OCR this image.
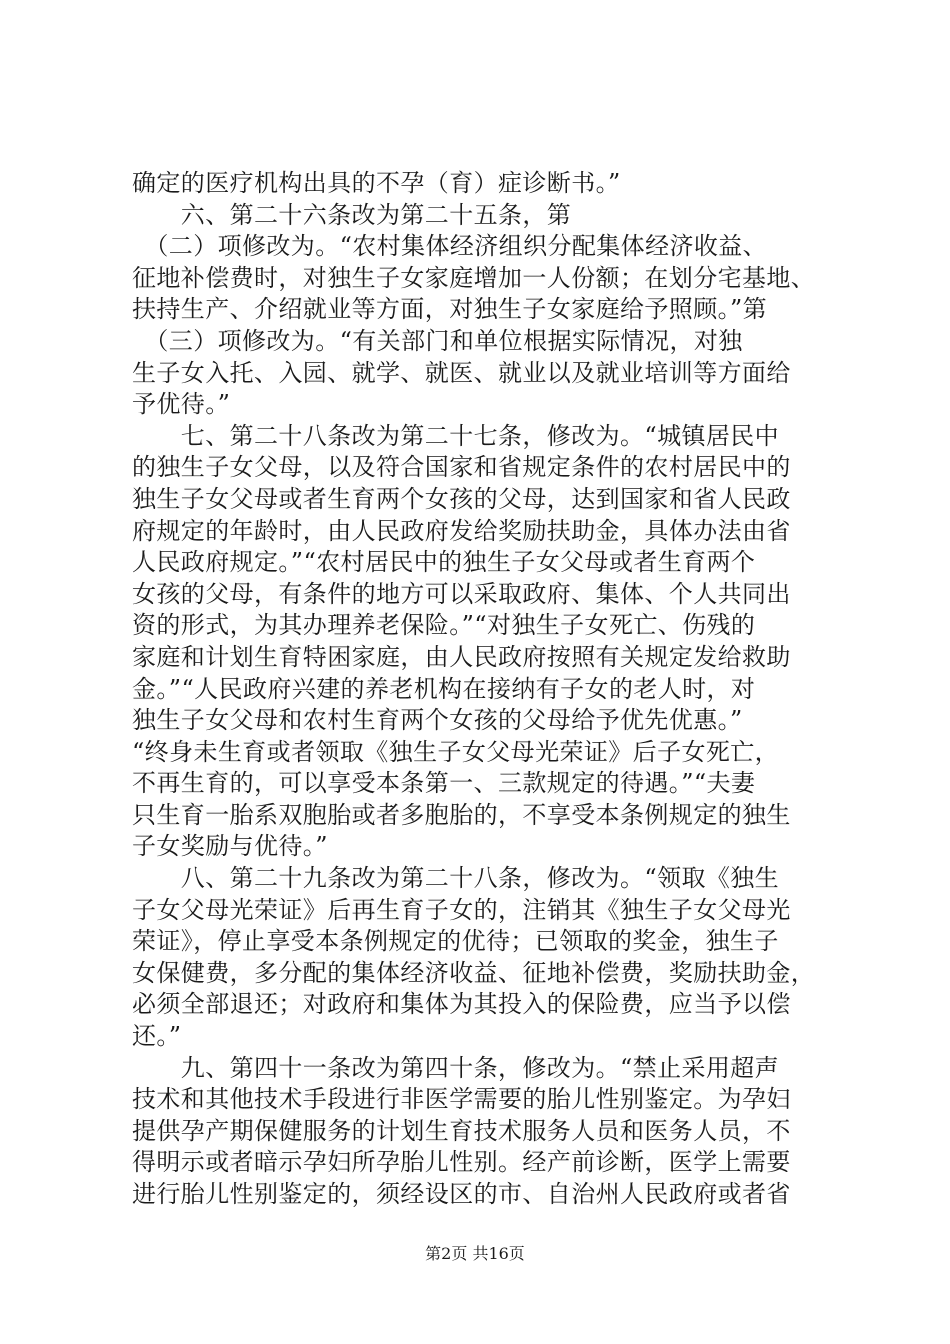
确定的医疗机构出具的不孕（育）症诊断书。”
　　六、第二十六条改为第二十五条，第
　（二）项修改为。“农村集体经济组织分配集体经济收益、
征地补偿费时，对独生子女家庭增加一人份额；在划分宅基地、
扶持生产、介绍就业等方面，对独生子女家庭给予照顾。”第
　（三）项修改为。“有关部门和单位根据实际情况，对独
生子女入托、入园、就学、就医、就业以及就业培训等方面给
予优待。”
　　七、第二十八条改为第二十七条，修改为。“城镇居民中
的独生子女父母，以及符合国家和省规定条件的农村居民中的
独生子女父母或者生育两个女孩的父母，达到国家和省人民政
府规定的年龄时，由人民政府发给奖励扶助金，具体办法由省
人民政府规定。”“农村居民中的独生子女父母或者生育两个
女孩的父母，有条件的地方可以采取政府、集体、个人共同出
资的形式，为其办理养老保险。”“对独生子女死亡、伤残的
家庭和计划生育特困家庭，由人民政府按照有关规定发给救助
金。”“人民政府兴建的养老机构在接纳有子女的老人时，对
独生子女父母和农村生育两个女孩的父母给予优先优惠。”
“终身未生育或者领取《独生子女父母光荣证》后子女死亡，
不再生育的，可以享受本条第一、三款规定的待遇。”“夫妻
只生育一胎系双胞胎或者多胞胎的，不享受本条例规定的独生
子女奖励与优待。”
　　八、第二十九条改为第二十八条，修改为。“领取《独生
子女父母光荣证》后再生育子女的，注销其《独生子女父母光
荣证》，停止享受本条例规定的优待；已领取的奖金，独生子
女保健费，多分配的集体经济收益、征地补偿费，奖励扶助金，
必须全部退还；对政府和集体为其投入的保险费，应当予以偿
还。”
　　九、第四十一条改为第四十条，修改为。“禁止采用超声
技术和其他技术手段进行非医学需要的胎儿性别鉴定。为孕妇
提供孕产期保健服务的计划生育技术服务人员和医务人员，不
得明示或者暗示孕妇所孕胎儿性别。经产前诊断，医学上需要
进行胎儿性别鉴定的，须经设区的市、自治州人民政府或者省
第2页 共16页
